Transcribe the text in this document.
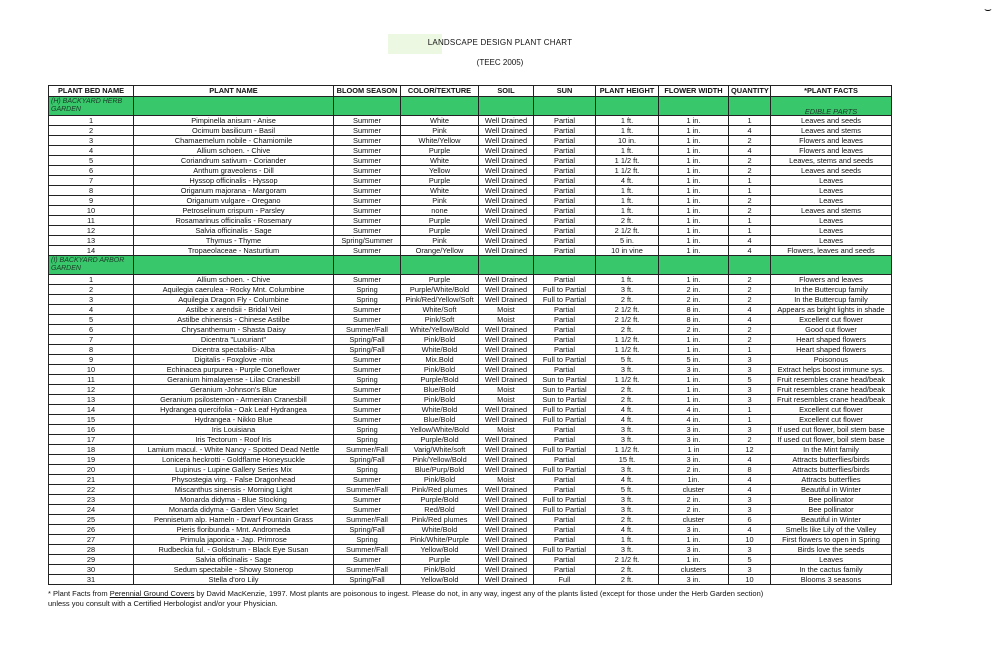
⌣
LANDSCAPE DESIGN PLANT CHART
(TEEC 2005)
PLANT BED NAME	PLANT NAME	BLOOM SEASON	COLOR/TEXTURE	SOIL	SUN	PLANT HEIGHT	FLOWER WIDTH	QUANTITY	*PLANT FACTS
(H) BACKYARD HERB GARDEN									EDIBLE PARTS
1	Pimpinella anisum - Anise	Summer	White	Well Drained	Partial	1 ft.	1 in.	1	Leaves and seeds
2	Ocimum basilicum - Basil	Summer	Pink	Well Drained	Partial	1 ft.	1 in.	4	Leaves and stems
3	Chamaemelum nobile - Chamiomile	Summer	White/Yellow	Well Drained	Partial	10 in.	1 in.	2	Flowers and leaves
4	Allium schoen. - Chive	Summer	Purple	Well Drained	Partial	1 ft.	1 in.	4	Flowers and leaves
5	Coriandrum sativum - Coriander	Summer	White	Well Drained	Partial	1 1/2 ft.	1 in.	2	Leaves, stems and seeds
6	Anthum graveolens - Dill	Summer	Yellow	Well Drained	Partial	1 1/2 ft.	1 in.	2	Leaves and seeds
7	Hyssop officinalis - Hyssop	Summer	Purple	Well Drained	Partial	4 ft.	1 in.	1	Leaves
8	Origanum majorana - Margoram	Summer	White	Well Drained	Partial	1 ft.	1 in.	1	Leaves
9	Origanum vulgare - Oregano	Summer	Pink	Well Drained	Partial	1 ft.	1 in.	2	Leaves
10	Petroselinum crispum - Parsley	Summer	none	Well Drained	Partial	1 ft.	1 in.	2	Leaves and stems
11	Rosamarinus officinalis - Rosemary	Summer	Purple	Well Drained	Partial	2 ft.	1 in.	1	Leaves
12	Salvia officinalis - Sage	Summer	Purple	Well Drained	Partial	2 1/2 ft.	1 in.	1	Leaves
13	Thymus - Thyme	Spring/Summer	Pink	Well Drained	Partial	5 in.	1 in.	4	Leaves
14	Tropaeolaceae - Nasturtium	Summer	Orange/Yellow	Well Drained	Partial	10 in vine	1 in.	4	Flowers, leaves and seeds
(I) BACKYARD ARBOR GARDEN									
1	Allium schoen. - Chive	Summer	Purple	Well Drained	Partial	1 ft.	1 in.	2	Flowers and leaves
2	Aquilegia caerulea - Rocky Mnt. Columbine	Spring	Purple/White/Bold	Well Drained	Full to Partial	3 ft.	2 in.	2	In the Buttercup family
3	Aquilegia Dragon Fly - Columbine	Spring	Pink/Red/Yellow/Soft	Well Drained	Full to Partial	2 ft.	2 in.	2	In the Buttercup family
4	Astilbe x arendsii - Bridal Veil	Summer	White/Soft	Moist	Partial	2 1/2 ft.	8 in.	4	Appears as bright lights in shade
5	Astilbe chinensis - Chinese Astilbe	Summer	Pink/Soft	Moist	Partial	2 1/2 ft.	8 in.	4	Excellent cut flower
6	Chrysanthemum - Shasta Daisy	Summer/Fall	White/Yellow/Bold	Well Drained	Partial	2 ft.	2 in.	2	Good cut flower
7	Dicentra "Luxuriant"	Spring/Fall	Pink/Bold	Well Drained	Partial	1 1/2 ft.	1 in.	2	Heart shaped flowers
8	Dicentra spectabilis- Alba	Spring/Fall	White/Bold	Well Drained	Partial	1 1/2 ft.	1 in.	1	Heart shaped flowers
9	Digitalis - Foxglove -mix	Summer	Mix.Bold	Well Drained	Full to Partial	5 ft.	5 in.	3	Poisonous
10	Echinacea purpurea - Purple Coneflower	Summer	Pink/Bold	Well Drained	Partial	3 ft.	3 in.	3	Extract helps boost immune sys.
11	Geranium himalayense - Lilac Cranesbill	Spring	Purple/Bold	Well Drained	Sun to Partial	1 1/2 ft.	1 in.	5	Fruit resembles crane head/beak
12	Geranium -Johnson's Blue	Summer	Blue/Bold	Moist	Sun to Partial	2 ft.	1 in.	3	Fruit resembles crane head/beak
13	Geranium psilostemon - Armenian Cranesbill	Summer	Pink/Bold	Moist	Sun to Partial	2 ft.	1 in.	3	Fruit resembles crane head/beak
14	Hydrangea quercifolia - Oak Leaf Hydrangea	Summer	White/Bold	Well Drained	Full to Partial	4 ft.	4 in.	1	Excellent cut flower
15	Hydrangea - Nikko Blue	Summer	Blue/Bold	Well Drained	Full to Partial	4 ft.	4 in.	1	Excellent cut flower
16	Iris Louisiana	Spring	Yellow/White/Bold	Moist	Partial	3 ft.	3 in.	3	If used cut flower, boil stem base
17	Iris Tectorum - Roof Iris	Spring	Purple/Bold	Well Drained	Partial	3 ft.	3 in.	2	If used cut flower, boil stem base
18	Lamium macul. - White Nancy - Spotted Dead Nettle	Summer/Fall	Varig/White/soft	Well Drained	Full to Partial	1 1/2 ft.	1 in	12	In the Mint family
19	Lonicera heckrotti - Goldflame Honeysuckle	Spring/Fall	Pink/Yellow/Bold	Well Drained	Partial	15 ft.	3 in.	4	Attracts butterflies/birds
20	Lupinus - Lupine Gallery Series Mix	Spring	Blue/Purp/Bold	Well Drained	Full to Partial	3 ft.	2 in.	8	Attracts butterflies/birds
21	Physostegia virg. - False Dragonhead	Summer	Pink/Bold	Moist	Partial	4 ft.	1in.	4	Attracts butterflies
22	Miscanthus sinensis - Morning Light	Summer/Fall	Pink/Red plumes	Well Drained	Partial	5 ft.	cluster	4	Beautiful in Winter
23	Monarda didyma - Blue Stocking	Summer	Purple/Bold	Well Drained	Full to Partial	3 ft.	2 in.	3	Bee pollinator
24	Monarda didyma - Garden View Scarlet	Summer	Red/Bold	Well Drained	Full to Partial	3 ft.	2 in.	3	Bee pollinator
25	Pennisetum alp. Hameln - Dwarf Fountain Grass	Summer/Fall	Pink/Red plumes	Well Drained	Partial	2 ft.	cluster	6	Beautiful in Winter
26	Pieris floribunda - Mnt. Andromeda	Spring/Fall	White/Bold	Well Drained	Partial	4 ft.	3 in.	4	Smells like Lily of the Valley
27	Primula japonica - Jap. Primrose	Spring	Pink/White/Purple	Well Drained	Partial	1 ft.	1 in.	10	First flowers to open in Spring
28	Rudbeckia ful. - Goldstrum - Black Eye Susan	Summer/Fall	Yellow/Bold	Well Drained	Full to Partial	3 ft.	3 in.	3	Birds love the seeds
29	Salvia officinalis - Sage	Summer	Purple	Well Drained	Partial	2 1/2 ft.	1 in.	5	Leaves
30	Sedum spectabile - Showy Stonerop	Summer/Fall	Pink/Bold	Well Drained	Partial	2 ft.	clusters	3	In the cactus family
31	Stella d'oro Lily	Spring/Fall	Yellow/Bold	Well Drained	Full	2 ft.	3 in.	10	Blooms 3 seasons
* Plant Facts from Perennial Ground Covers by David MacKenzie, 1997. Most plants are poisonous to ingest. Please do not, in any way, ingest any of the plants listed (except for those under the Herb Garden section)
unless you consult with a Certified Herbologist and/or your Physician.
